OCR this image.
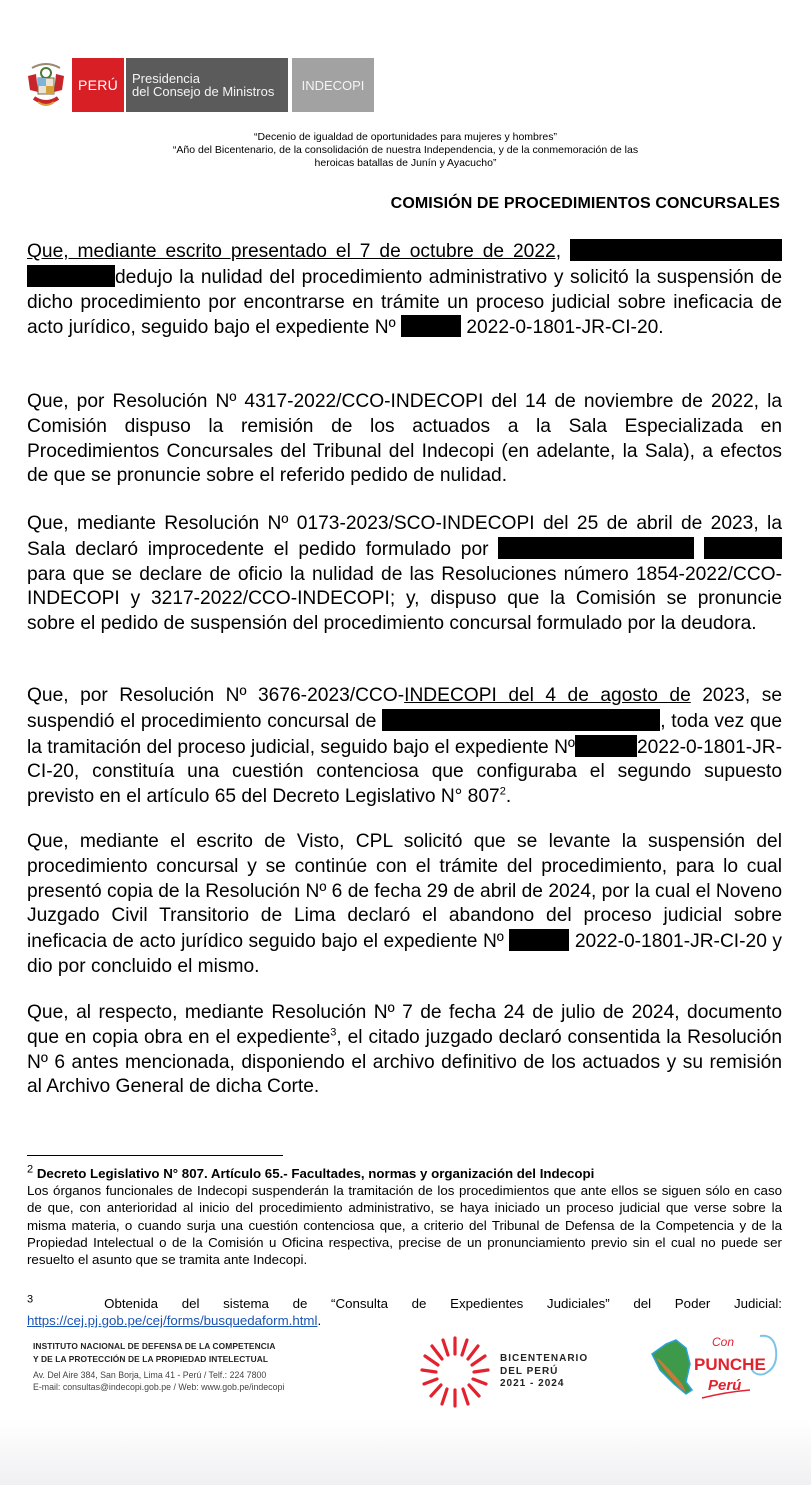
PERÚ Presidencia
del Consejo de Ministros	INDECOPI
“Decenio de igualdad de oportunidades para mujeres y hombres”
“Año del Bicentenario, de la consolidación de nuestra Independencia, y de la conmemoración de las
heroicas batallas de Junín y Ayacucho”
COMISIÓN DE PROCEDIMIENTOS CONCURSALES

Que, mediante escrito presentado el 7 de octubre de 2022,  dedujo la nulidad del procedimiento administrativo y solicitó la suspensión de dicho procedimiento por encontrarse en trámite un proceso judicial sobre ineficacia de acto jurídico, seguido bajo el expediente Nº	2022-0-1801-JR-CI-20.

Que, por Resolución Nº 4317-2022/CCO-INDECOPI del 14 de noviembre de 2022, la Comisión dispuso la remisión de los actuados a la Sala Especializada en Procedimientos Concursales del Tribunal del Indecopi (en adelante, la Sala), a efectos de que se pronuncie sobre el referido pedido de nulidad.

Que, mediante Resolución Nº 0173-2023/SCO-INDECOPI del 25 de abril de 2023, la Sala declaró improcedente el pedido formulado por  para que se declare de oficio la nulidad de las Resoluciones número 1854-2022/CCO-INDECOPI y 3217-2022/CCO-INDECOPI; y, dispuso que la Comisión se pronuncie sobre el pedido de suspensión del procedimiento concursal formulado por la deudora.

Que, por Resolución Nº 3676-2023/CCO-INDECOPI del 4 de agosto de 2023, se suspendió el procedimiento concursal de	, toda vez que la tramitación del proceso judicial, seguido bajo el expediente Nº	2022-0-1801-JR-CI-20, constituía una cuestión contenciosa que configuraba el segundo supuesto previsto en el artículo 65 del Decreto Legislativo N° $807^2$.

Que, mediante el escrito de Visto, CPL solicitó que se levante la suspensión del procedimiento concursal y se continúe con el trámite del procedimiento, para lo cual presentó copia de la Resolución Nº 6 de fecha 29 de abril de 2024, por la cual el Noveno Juzgado Civil Transitorio de Lima declaró el abandono del proceso judicial sobre ineficacia de acto jurídico seguido bajo el expediente Nº	2022-0-1801-JR-CI-20 y dio por concluido el mismo.

Que, al respecto, mediante Resolución Nº 7 de fecha 24 de julio de 2024, documento que en copia obra en el expediente$^3$, el citado juzgado declaró consentida la Resolución Nº 6 antes mencionada, disponiendo el archivo definitivo de los actuados y su remisión al Archivo General de dicha Corte.

$^2$ Decreto Legislativo N° 807. Artículo 65.- Facultades, normas y organización del Indecopi
Los órganos funcionales de Indecopi suspenderán la tramitación de los procedimientos que ante ellos se siguen sólo en caso de que, con anterioridad al inicio del procedimiento administrativo, se haya iniciado un proceso judicial que verse sobre la misma materia, o cuando surja una cuestión contenciosa que, a criterio del Tribunal de Defensa de la Competencia y de la Propiedad Intelectual o de la Comisión u Oficina respectiva, precise de un pronunciamiento previo sin el cual no puede ser resuelto el asunto que se tramita ante Indecopi.
$^3$	Obtenida del sistema de “Consulta de Expedientes Judiciales” del Poder Judicial:
https://cej.pj.gob.pe/cej/forms/busquedaform.html.
INSTITUTO NACIONAL DE DEFENSA DE LA COMPETENCIA
Y DE LA PROTECCIÓN DE LA PROPIEDAD INTELECTUAL
Av. Del Aire 384, San Borja, Lima 41 - Perú / Telf.: 224 7800
E-mail: consultas@indecopi.gob.pe / Web: www.gob.pe/indecopi
BICENTENARIO
DEL PERÚ
2021 - 2024
Con
PUNCHE
Perú
